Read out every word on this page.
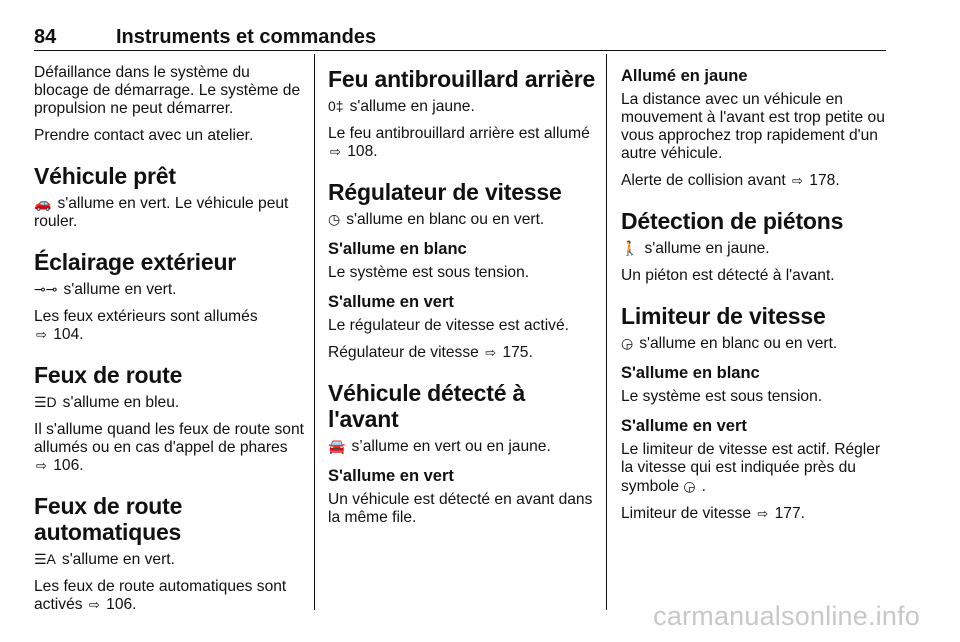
84	Instruments et commandes

Défaillance dans le système du blocage de démarrage. Le système de propulsion ne peut démarrer.

Prendre contact avec un atelier.

Véhicule prêt

🚗 s'allume en vert. Le véhicule peut rouler.

Éclairage extérieur

⊸⊸ s'allume en vert.

Les feux extérieurs sont allumés
⇨ 104.

Feux de route

☰D s'allume en bleu.

Il s'allume quand les feux de route sont allumés ou en cas d'appel de phares ⇨ 106.

Feux de route automatiques

☰A s'allume en vert.

Les feux de route automatiques sont activés ⇨ 106.

Feu antibrouillard arrière

0‡ s'allume en jaune.

Le feu antibrouillard arrière est allumé
⇨ 108.

Régulateur de vitesse

◷ s'allume en blanc ou en vert.

S'allume en blanc

Le système est sous tension.

S'allume en vert

Le régulateur de vitesse est activé.

Régulateur de vitesse ⇨ 175.

Véhicule détecté à l'avant

🚘 s’allume en vert ou en jaune.

S'allume en vert

Un véhicule est détecté en avant dans la même file.

Allumé en jaune

La distance avec un véhicule en mouvement à l'avant est trop petite ou vous approchez trop rapidement d'un autre véhicule.

Alerte de collision avant ⇨ 178.

Détection de piétons

🚶 s'allume en jaune.

Un piéton est détecté à l'avant.

Limiteur de vitesse

◶ s'allume en blanc ou en vert.

S'allume en blanc

Le système est sous tension.

S'allume en vert

Le limiteur de vitesse est actif. Régler la vitesse qui est indiquée près du symbole ◶ .

Limiteur de vitesse ⇨ 177.

carmanualsonline.info
